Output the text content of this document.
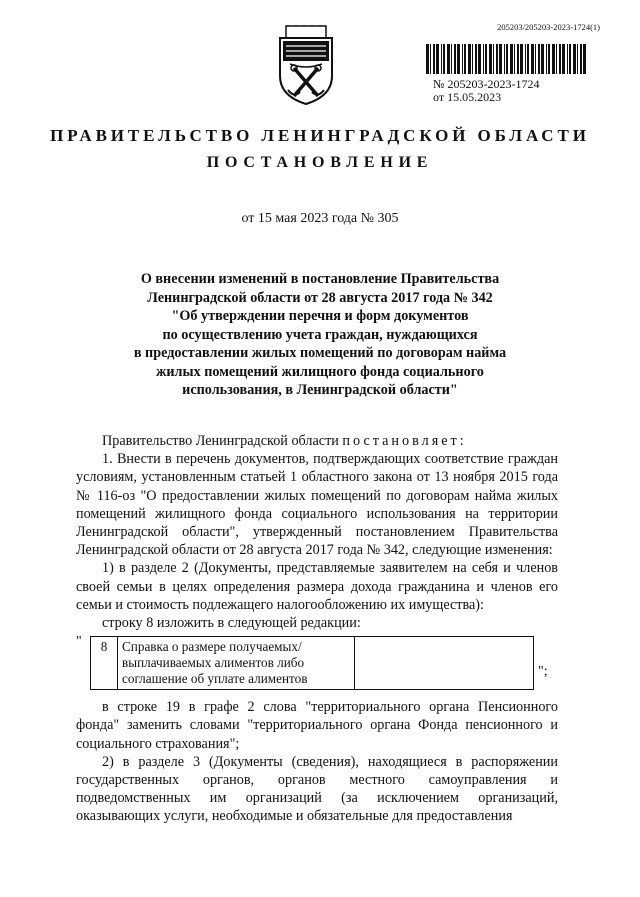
205203/205203-2023-1724(1)
№ 205203-2023-1724
от 15.05.2023
ПРАВИТЕЛЬСТВО ЛЕНИНГРАДСКОЙ ОБЛАСТИ
ПОСТАНОВЛЕНИЕ
от 15 мая 2023 года № 305
О внесении изменений в постановление Правительства
Ленинградской области от 28 августа 2017 года № 342
"Об утверждении перечня и форм документов
по осуществлению учета граждан, нуждающихся
в предоставлении жилых помещений по договорам найма
жилых помещений жилищного фонда социального
использования, в Ленинградской области"

Правительство Ленинградской области постановляет:

1. Внести в перечень документов, подтверждающих соответствие граждан условиям, установленным статьей 1 областного закона от 13 ноября 2015 года № 116-оз "О предоставлении жилых помещений по договорам найма жилых помещений жилищного фонда социального использования на территории Ленинградской области", утвержденный постановлением Правительства Ленинградской области от 28 августа 2017 года № 342, следующие изменения:

1) в разделе 2 (Документы, представляемые заявителем на себя и членов своей семьи в целях определения размера дохода гражданина и членов его семьи и стоимость подлежащего налогообложению их имущества):

строку 8 изложить в следующей редакции:

" 8	Справка о размере получаемых/ выплачиваемых алиментов либо соглашение об уплате алиментов		";

в строке 19 в графе 2 слова "территориального органа Пенсионного фонда" заменить словами "территориального органа Фонда пенсионного и социального страхования";

2) в разделе 3 (Документы (сведения), находящиеся в распоряжении государственных органов, органов местного самоуправления и подведомственных им организаций (за исключением организаций, оказывающих услуги, необходимые и обязательные для предоставления
